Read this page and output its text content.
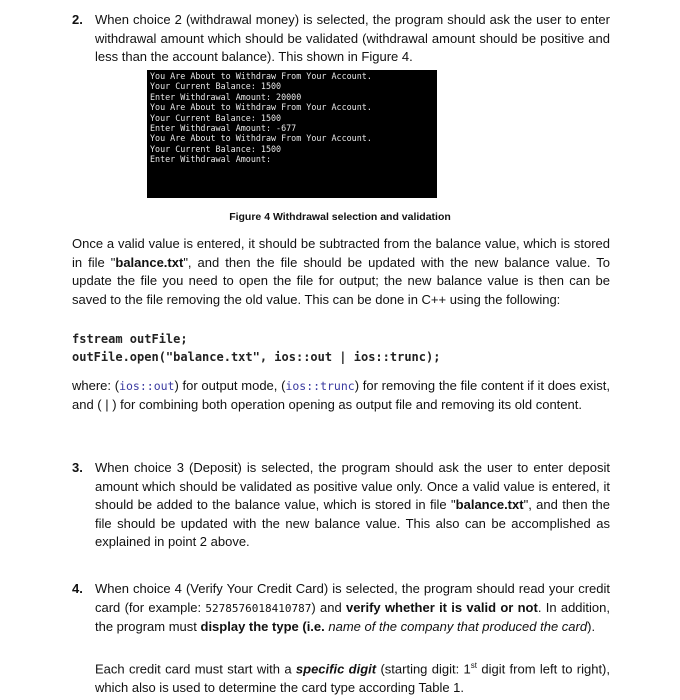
2. When choice 2 (withdrawal money) is selected, the program should ask the user to enter withdrawal amount which should be validated (withdrawal amount should be positive and less than the account balance). This shown in Figure 4.
You Are About to Withdraw From Your Account.
Your Current Balance: 1500
Enter Withdrawal Amount: 20000
You Are About to Withdraw From Your Account.
Your Current Balance: 1500
Enter Withdrawal Amount: -677
You Are About to Withdraw From Your Account.
Your Current Balance: 1500
Enter Withdrawal Amount:
Figure 4 Withdrawal selection and validation
Once a valid value is entered, it should be subtracted from the balance value, which is stored in file "balance.txt", and then the file should be updated with the new balance value. To update the file you need to open the file for output; the new balance value is then can be saved to the file removing the old value. This can be done in C++ using the following:
fstream outFile;
outFile.open("balance.txt", ios::out | ios::trunc);
where: (ios::out) for output mode, (ios::trunc) for removing the file content if it does exist, and ( | ) for combining both operation opening as output file and removing its old content.
3. When choice 3 (Deposit) is selected, the program should ask the user to enter deposit amount which should be validated as positive value only. Once a valid value is entered, it should be added to the balance value, which is stored in file "balance.txt", and then the file should be updated with the new balance value. This also can be accomplished as explained in point 2 above.
4. When choice 4 (Verify Your Credit Card) is selected, the program should read your credit card (for example: 5278576018410787) and verify whether it is valid or not. In addition, the program must display the type (i.e. name of the company that produced the card).
Each credit card must start with a specific digit (starting digit: 1st digit from left to right), which also is used to determine the card type according Table 1.
